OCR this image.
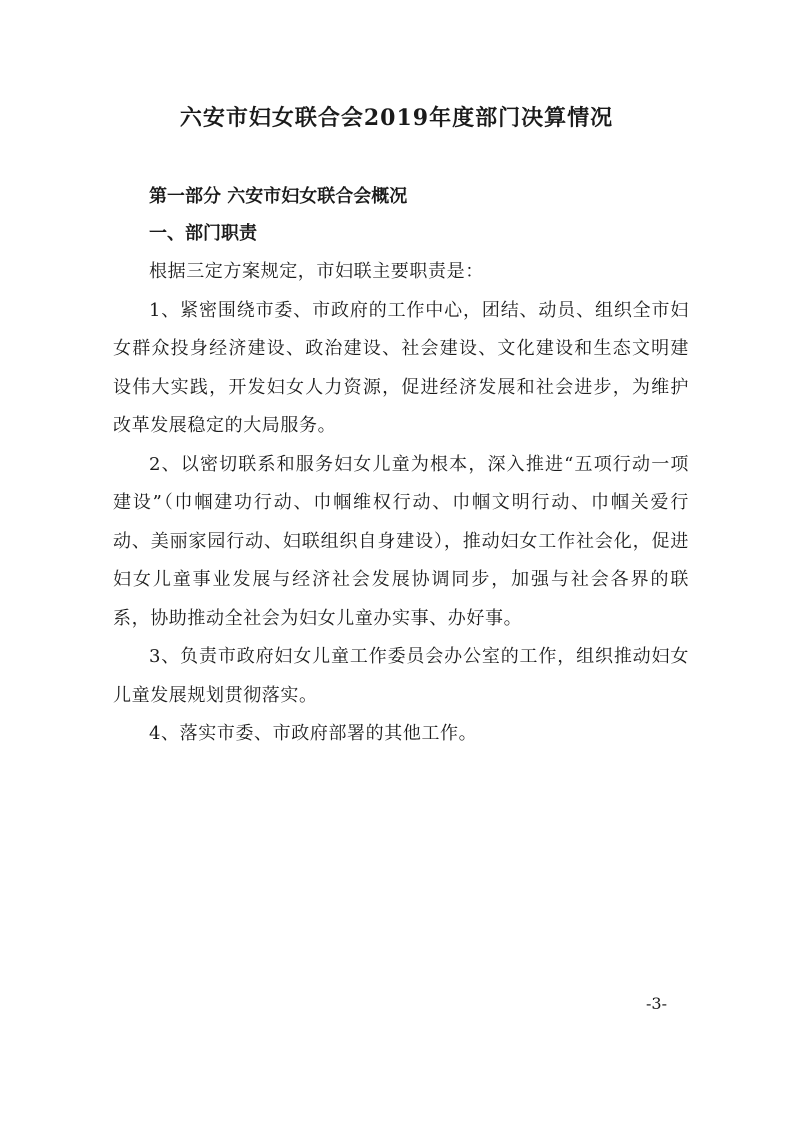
六安市妇女联合会2019年度部门决算情况
第一部分 六安市妇女联合会概况
一、部门职责

根据三定方案规定，市妇联主要职责是：

1、紧密围绕市委、市政府的工作中心，团结、动员、组织全市妇女群众投身经济建设、政治建设、社会建设、文化建设和生态文明建设伟大实践，开发妇女人力资源，促进经济发展和社会进步，为维护改革发展稳定的大局服务。

2、以密切联系和服务妇女儿童为根本，深入推进“五项行动一项建设”（巾帼建功行动、巾帼维权行动、巾帼文明行动、巾帼关爱行动、美丽家园行动、妇联组织自身建设），推动妇女工作社会化，促进妇女儿童事业发展与经济社会发展协调同步，加强与社会各界的联系，协助推动全社会为妇女儿童办实事、办好事。

3、负责市政府妇女儿童工作委员会办公室的工作，组织推动妇女儿童发展规划贯彻落实。

4、落实市委、市政府部署的其他工作。

-3-
